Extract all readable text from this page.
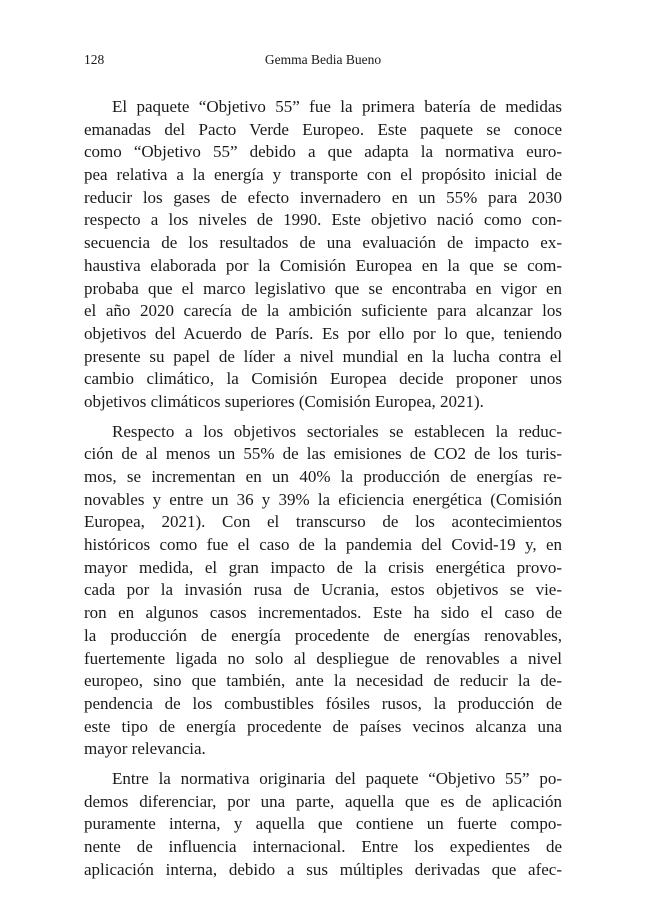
128	Gemma Bedia Bueno
El paquete “Objetivo 55” fue la primera batería de medidas
emanadas del Pacto Verde Europeo. Este paquete se conoce
como “Objetivo 55” debido a que adapta la normativa euro-
pea relativa a la energía y transporte con el propósito inicial de
reducir los gases de efecto invernadero en un 55% para 2030
respecto a los niveles de 1990. Este objetivo nació como con-
secuencia de los resultados de una evaluación de impacto ex-
haustiva elaborada por la Comisión Europea en la que se com-
probaba que el marco legislativo que se encontraba en vigor en
el año 2020 carecía de la ambición suficiente para alcanzar los
objetivos del Acuerdo de París. Es por ello por lo que, teniendo
presente su papel de líder a nivel mundial en la lucha contra el
cambio climático, la Comisión Europea decide proponer unos
objetivos climáticos superiores (Comisión Europea, 2021).
Respecto a los objetivos sectoriales se establecen la reduc-
ción de al menos un 55% de las emisiones de CO2 de los turis-
mos, se incrementan en un 40% la producción de energías re-
novables y entre un 36 y 39% la eficiencia energética (Comisión
Europea, 2021). Con el transcurso de los acontecimientos
históricos como fue el caso de la pandemia del Covid-19 y, en
mayor medida, el gran impacto de la crisis energética provo-
cada por la invasión rusa de Ucrania, estos objetivos se vie-
ron en algunos casos incrementados. Este ha sido el caso de
la producción de energía procedente de energías renovables,
fuertemente ligada no solo al despliegue de renovables a nivel
europeo, sino que también, ante la necesidad de reducir la de-
pendencia de los combustibles fósiles rusos, la producción de
este tipo de energía procedente de países vecinos alcanza una
mayor relevancia.
Entre la normativa originaria del paquete “Objetivo 55” po-
demos diferenciar, por una parte, aquella que es de aplicación
puramente interna, y aquella que contiene un fuerte compo-
nente de influencia internacional. Entre los expedientes de
aplicación interna, debido a sus múltiples derivadas que afec-
